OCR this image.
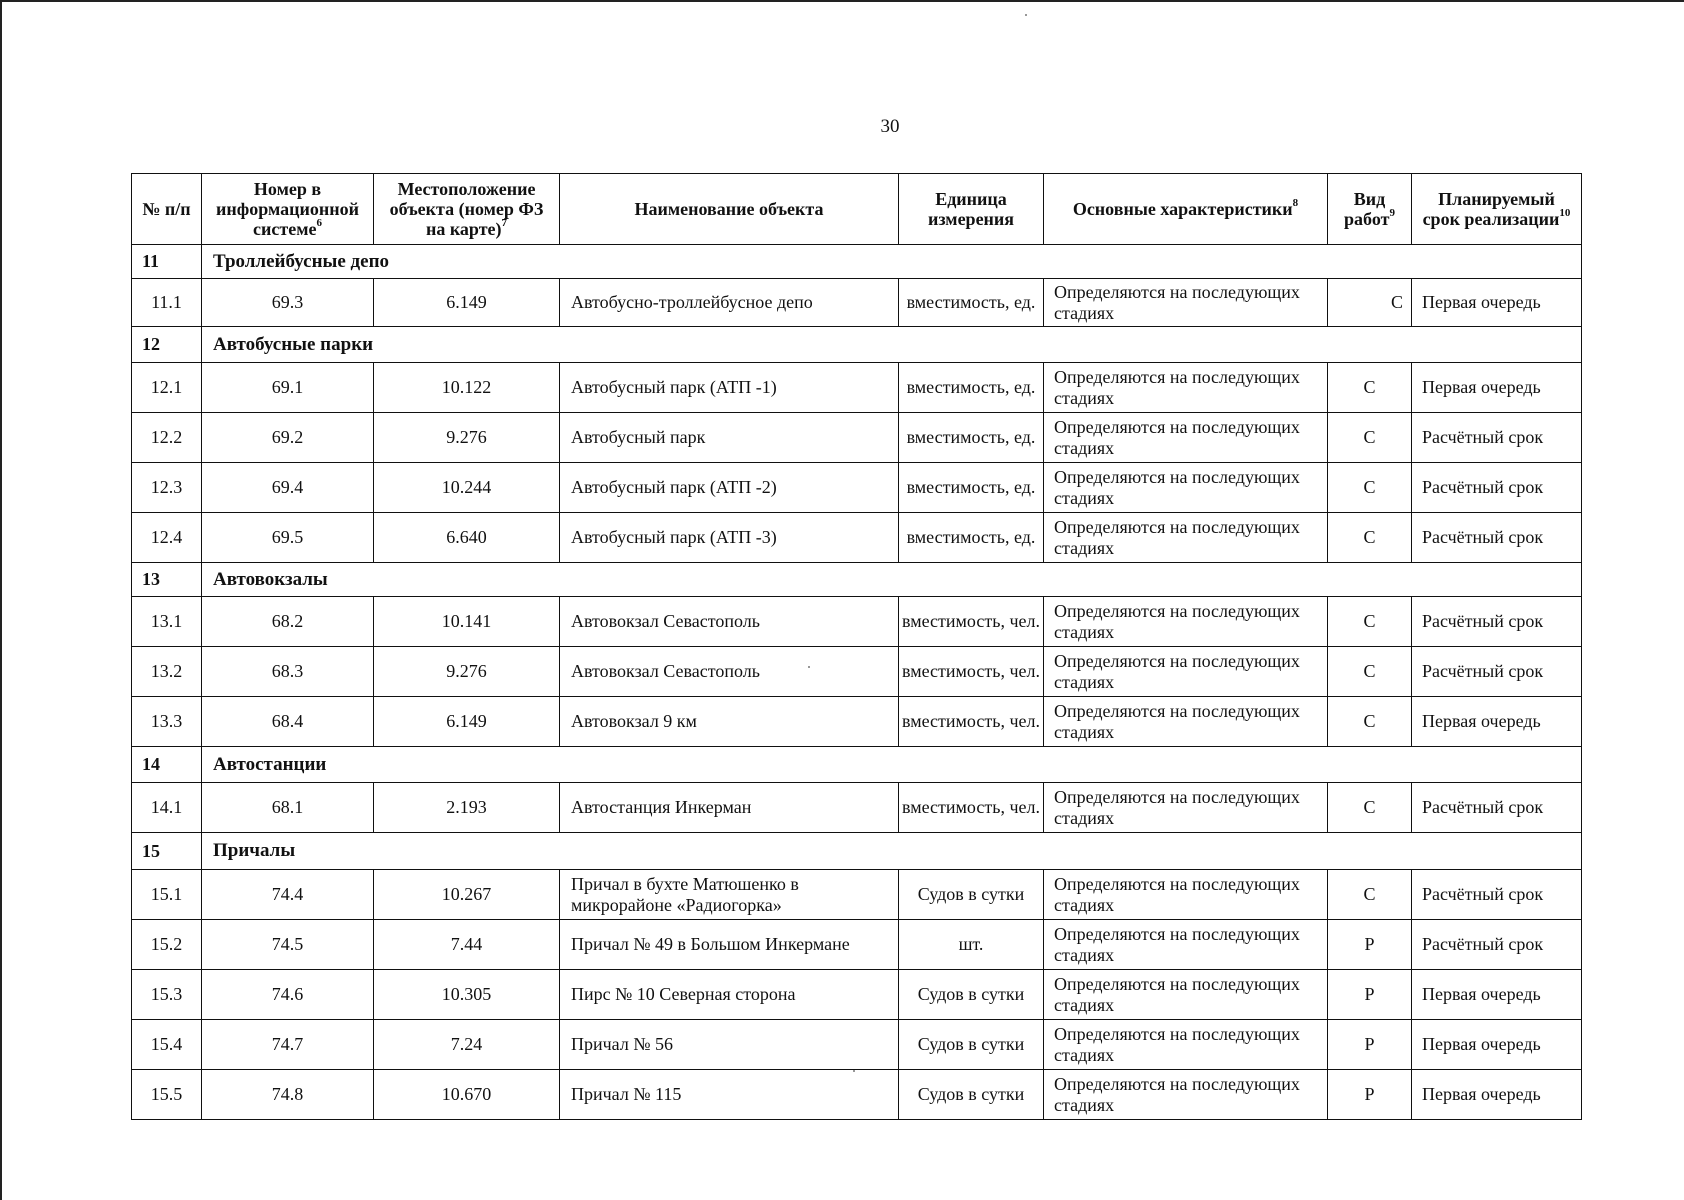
30
№ п/п	Номер в информационной системе$^6$	Местоположение объекта (номер ФЗ на карте)$^7$	Наименование объекта	Единица измерения	Основные характеристики$^8$	Вид работ$^9$	Планируемый срок реализации$^{10}$
11	Троллейбусные депо						
11.1	69.3	6.149	Автобусно-троллейбусное депо	вместимость, ед.	Определяются на последующих стадиях	С	Первая очередь
12	Автобусные парки						
12.1	69.1	10.122	Автобусный парк (АТП -1)	вместимость, ед.	Определяются на последующих стадиях	С	Первая очередь
12.2	69.2	9.276	Автобусный парк	вместимость, ед.	Определяются на последующих стадиях	С	Расчётный срок
12.3	69.4	10.244	Автобусный парк (АТП -2)	вместимость, ед.	Определяются на последующих стадиях	С	Расчётный срок
12.4	69.5	6.640	Автобусный парк (АТП -3)	вместимость, ед.	Определяются на последующих стадиях	С	Расчётный срок
13	Автовокзалы						
13.1	68.2	10.141	Автовокзал Севастополь	вместимость, чел.	Определяются на последующих стадиях	С	Расчётный срок
13.2	68.3	9.276	Автовокзал Севастополь	вместимость, чел.	Определяются на последующих стадиях	С	Расчётный срок
13.3	68.4	6.149	Автовокзал 9 км	вместимость, чел.	Определяются на последующих стадиях	С	Первая очередь
14	Автостанции						
14.1	68.1	2.193	Автостанция Инкерман	вместимость, чел.	Определяются на последующих стадиях	С	Расчётный срок
15	Причалы						
15.1	74.4	10.267	Причал в бухте Матюшенко в микрорайоне «Радиогорка»	Судов в сутки	Определяются на последующих стадиях	С	Расчётный срок
15.2	74.5	7.44	Причал № 49 в Большом Инкермане	шт.	Определяются на последующих стадиях	Р	Расчётный срок
15.3	74.6	10.305	Пирс № 10 Северная сторона	Судов в сутки	Определяются на последующих стадиях	Р	Первая очередь
15.4	74.7	7.24	Причал № 56	Судов в сутки	Определяются на последующих стадиях	Р	Первая очередь
15.5	74.8	10.670	Причал № 115	Судов в сутки	Определяются на последующих стадиях	Р	Первая очередь
